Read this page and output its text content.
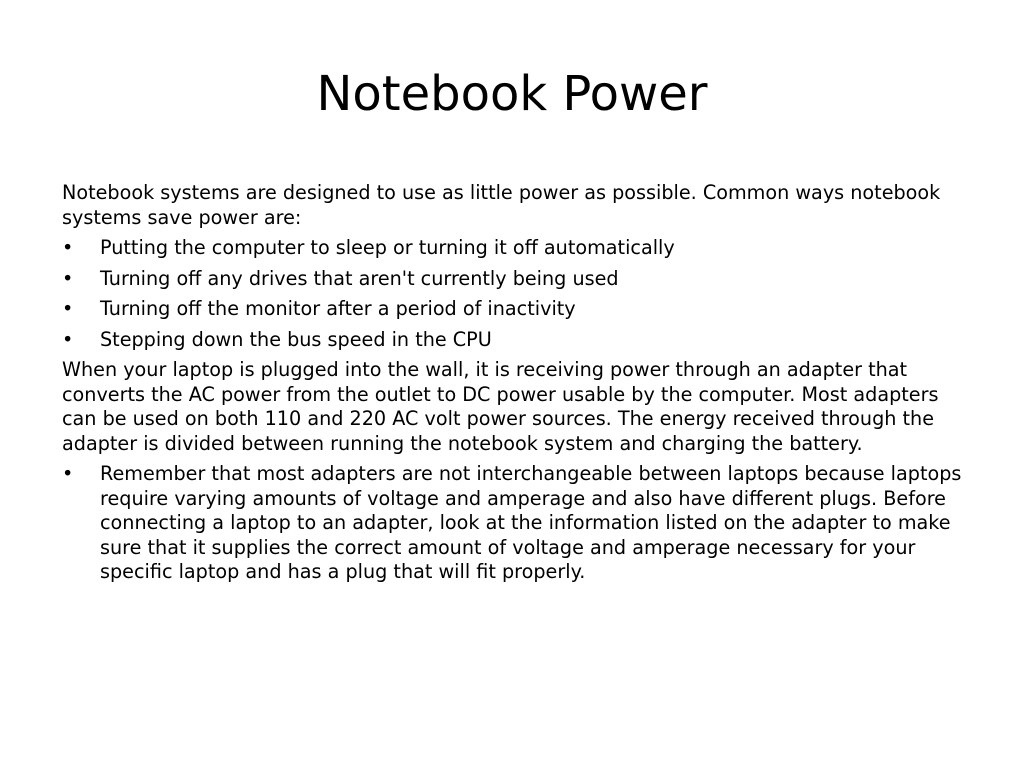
Notebook Power

Notebook systems are designed to use as little power as possible. Common ways notebook systems save power are:

• Putting the computer to sleep or turning it off automatically
• Turning off any drives that aren't currently being used
• Turning off the monitor after a period of inactivity
• Stepping down the bus speed in the CPU

When your laptop is plugged into the wall, it is receiving power through an adapter that converts the AC power from the outlet to DC power usable by the computer. Most adapters can be used on both 110 and 220 AC volt power sources. The energy received through the adapter is divided between running the notebook system and charging the battery.

• Remember that most adapters are not interchangeable between laptops because laptops require varying amounts of voltage and amperage and also have different plugs. Before connecting a laptop to an adapter, look at the information listed on the adapter to make sure that it supplies the correct amount of voltage and amperage necessary for your specific laptop and has a plug that will fit properly.
